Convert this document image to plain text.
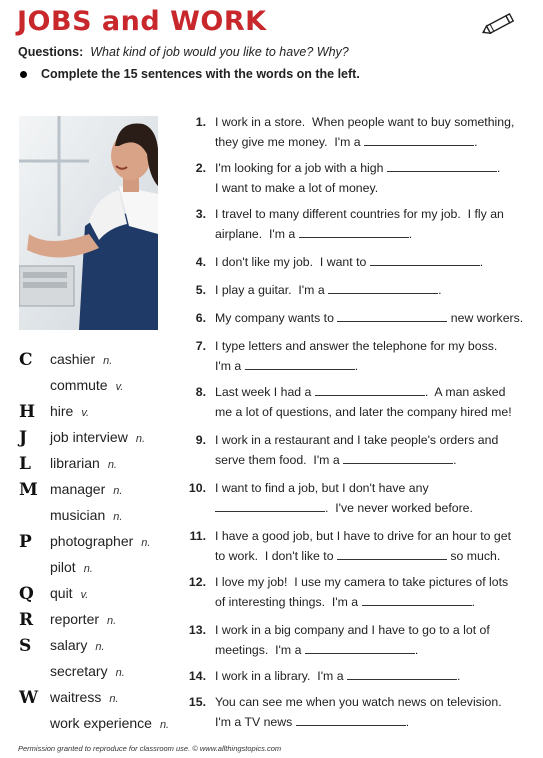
JOBS and WORK
Questions: What kind of job would you like to have? Why?
Complete the 15 sentences with the words on the left.
C cashier n.
commute v.
H hire v.
J job interview n.
L librarian n.
M manager n.
musician n.
P photographer n.
pilot n.
Q quit v.
R reporter n.
S salary n.
secretary n.
W waitress n.
work experience n.
1. I work in a store.  When people want to buy something,
they give me money.  I'm a	.
2. I'm looking for a job with a high	.
I want to make a lot of money.
3. I travel to many different countries for my job.  I fly an
airplane.  I'm a	.
4. I don't like my job.  I want to	.
5. I play a guitar.  I'm a	.
6. My company wants to	new workers.
7. I type letters and answer the telephone for my boss.
I'm a	.
8. Last week I had a	.  A man asked
me a lot of questions, and later the company hired me!
9. I work in a restaurant and I take people's orders and
serve them food.  I'm a	.
10. I want to find a job, but I don't have any
.  I've never worked before.
11. I have a good job, but I have to drive for an hour to get
to work.  I don't like to	so much.
12. I love my job!  I use my camera to take pictures of lots
of interesting things.  I'm a	.
13. I work in a big company and I have to go to a lot of
meetings.  I'm a	.
14. I work in a library.  I'm a	.
15. You can see me when you watch news on television.
I'm a TV news	.
Permission granted to reproduce for classroom use. © www.allthingstopics.com
